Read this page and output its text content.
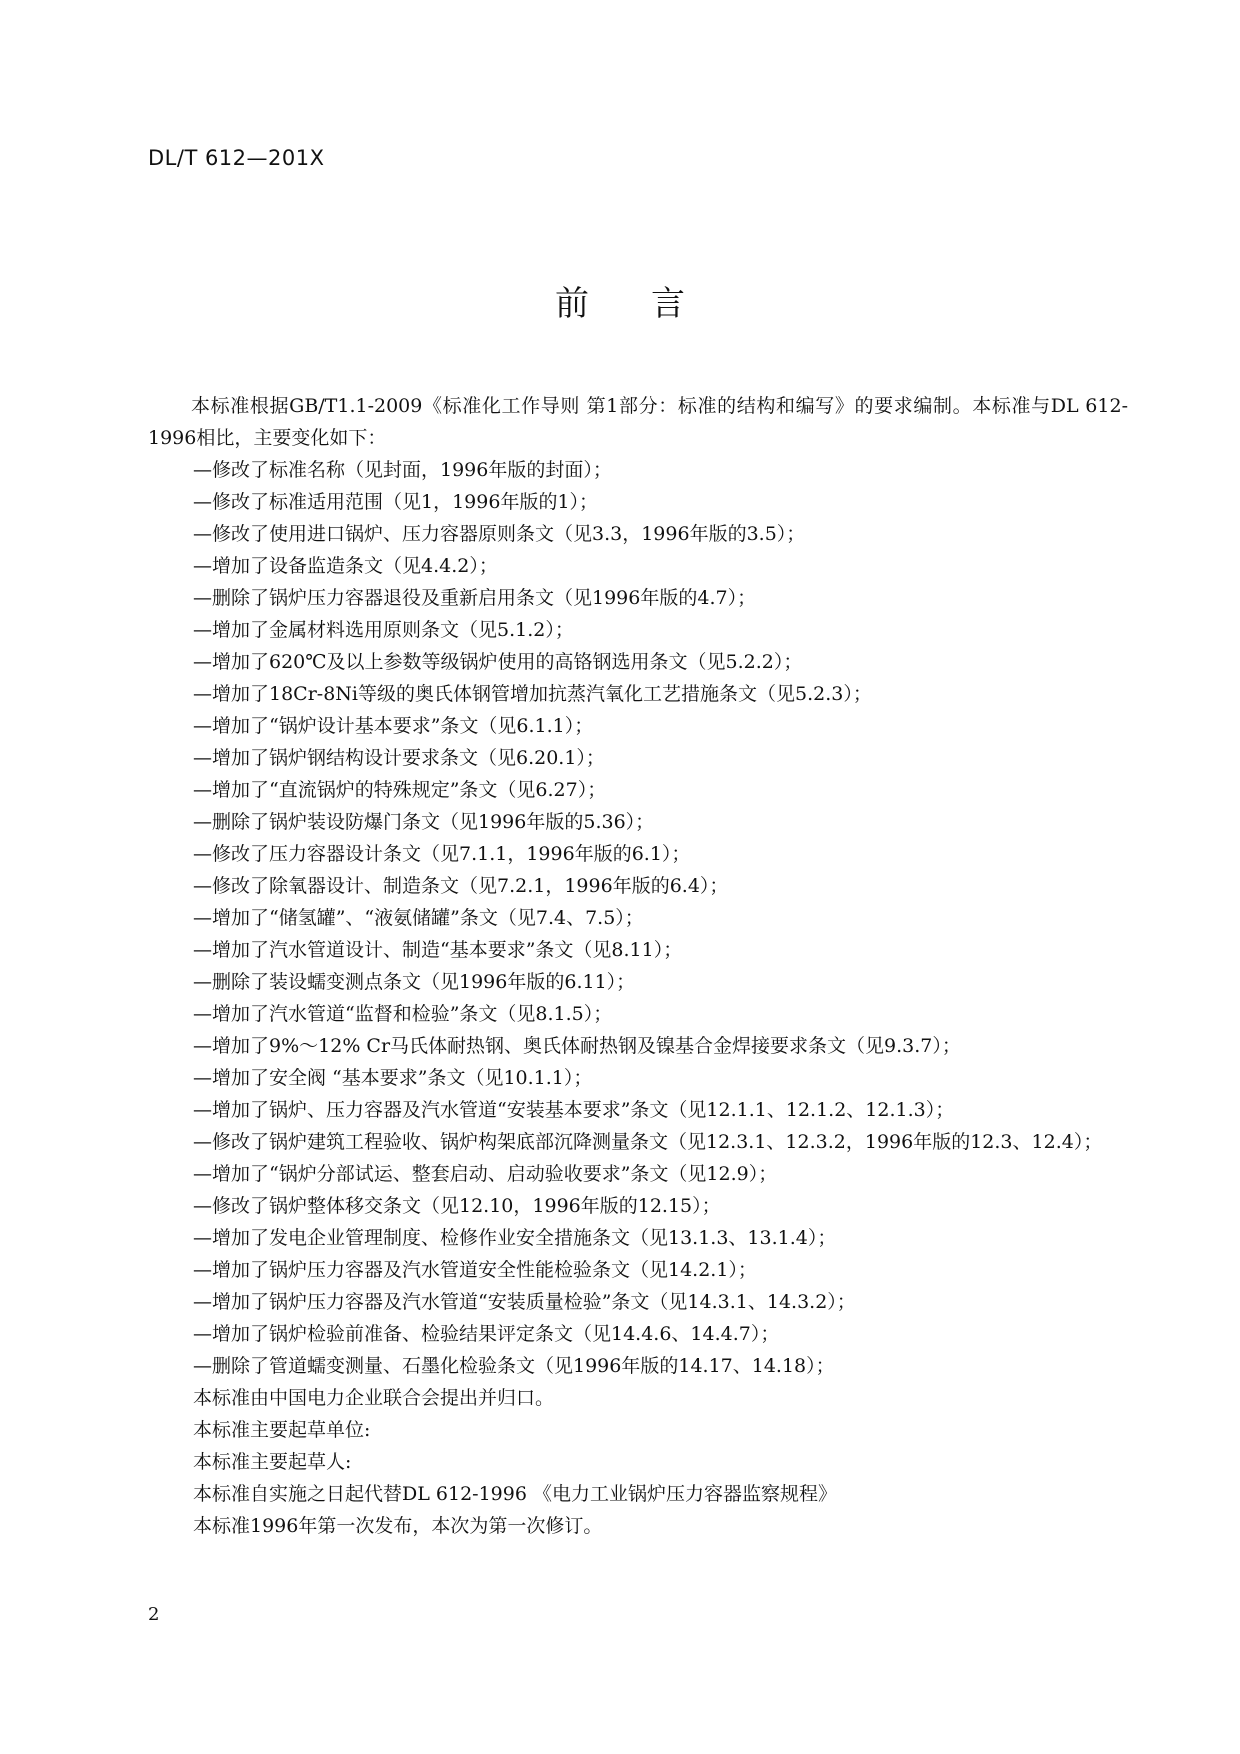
DL/T 612—201X
前 言

本标准根据GB/T1.1-2009《标准化工作导则 第1部分：标准的结构和编写》的要求编制。本标准与DL 612-1996相比，主要变化如下：

—修改了标准名称（见封面，1996年版的封面）；

—修改了标准适用范围（见1，1996年版的1）；

—修改了使用进口锅炉、压力容器原则条文（见3.3，1996年版的3.5）；

—增加了设备监造条文（见4.4.2）；

—删除了锅炉压力容器退役及重新启用条文（见1996年版的4.7）；

—增加了金属材料选用原则条文（见5.1.2）；

—增加了620℃及以上参数等级锅炉使用的高铬钢选用条文（见5.2.2）；

—增加了18Cr-8Ni等级的奥氏体钢管增加抗蒸汽氧化工艺措施条文（见5.2.3）；

—增加了“锅炉设计基本要求”条文（见6.1.1）；

—增加了锅炉钢结构设计要求条文（见6.20.1）；

—增加了“直流锅炉的特殊规定”条文（见6.27）；

—删除了锅炉装设防爆门条文（见1996年版的5.36）；

—修改了压力容器设计条文（见7.1.1，1996年版的6.1）；

—修改了除氧器设计、制造条文（见7.2.1，1996年版的6.4）；

—增加了“储氢罐”、“液氨储罐”条文（见7.4、7.5）；

—增加了汽水管道设计、制造“基本要求”条文（见8.11）；

—删除了装设蠕变测点条文（见1996年版的6.11）；

—增加了汽水管道“监督和检验”条文（见8.1.5）；

—增加了9%～12% Cr马氏体耐热钢、奥氏体耐热钢及镍基合金焊接要求条文（见9.3.7）；

—增加了安全阀 “基本要求”条文（见10.1.1）；

—增加了锅炉、压力容器及汽水管道“安装基本要求”条文（见12.1.1、12.1.2、12.1.3）；

—修改了锅炉建筑工程验收、锅炉构架底部沉降测量条文（见12.3.1、12.3.2，1996年版的12.3、12.4）；

—增加了“锅炉分部试运、整套启动、启动验收要求”条文（见12.9）；

—修改了锅炉整体移交条文（见12.10，1996年版的12.15）；

—增加了发电企业管理制度、检修作业安全措施条文（见13.1.3、13.1.4）；

—增加了锅炉压力容器及汽水管道安全性能检验条文（见14.2.1）；

—增加了锅炉压力容器及汽水管道“安装质量检验”条文（见14.3.1、14.3.2）；

—增加了锅炉检验前准备、检验结果评定条文（见14.4.6、14.4.7）；

—删除了管道蠕变测量、石墨化检验条文（见1996年版的14.17、14.18）；

本标准由中国电力企业联合会提出并归口。

本标准主要起草单位:

本标准主要起草人:

本标准自实施之日起代替DL 612-1996 《电力工业锅炉压力容器监察规程》

本标准1996年第一次发布，本次为第一次修订。

2
